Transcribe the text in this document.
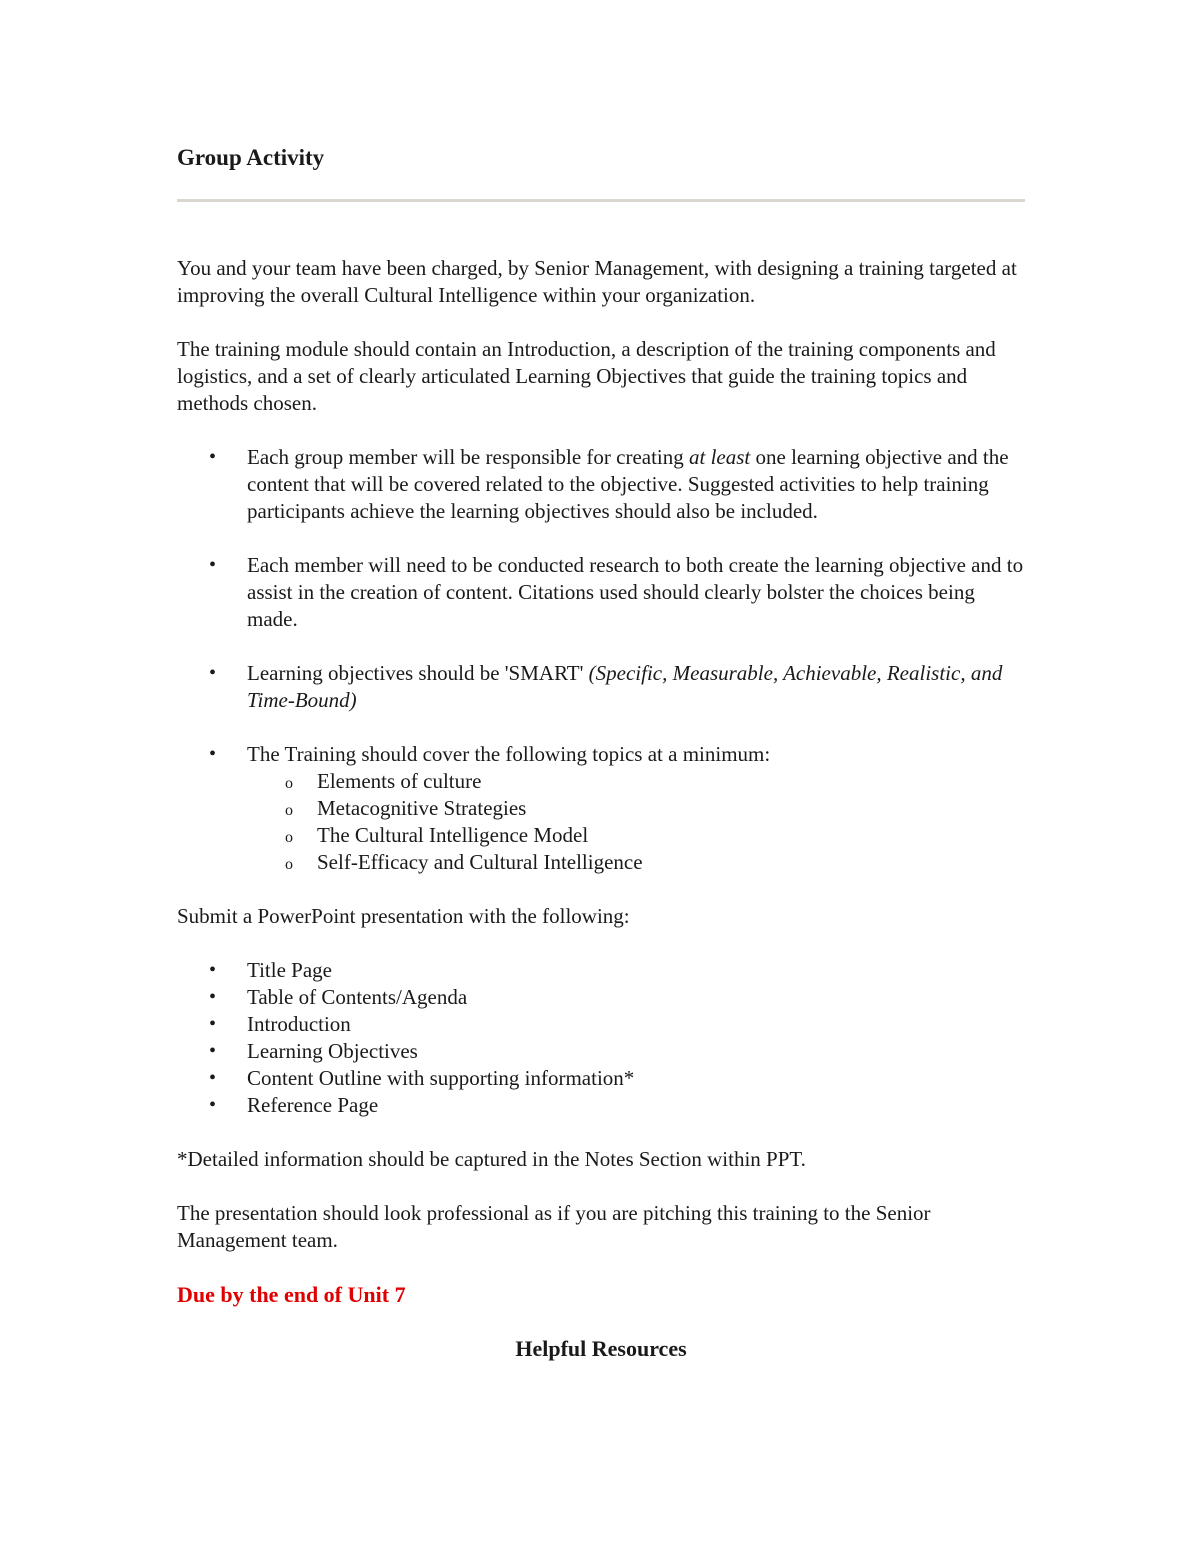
Group Activity

You and your team have been charged, by Senior Management, with designing a training targeted at improving the overall Cultural Intelligence within your organization.

The training module should contain an Introduction, a description of the training components and logistics, and a set of clearly articulated Learning Objectives that guide the training topics and methods chosen.

• Each group member will be responsible for creating at least one learning objective and the content that will be covered related to the objective. Suggested activities to help training participants achieve the learning objectives should also be included.
• Each member will need to be conducted research to both create the learning objective and to assist in the creation of content. Citations used should clearly bolster the choices being made.
• Learning objectives should be 'SMART' (Specific, Measurable, Achievable, Realistic, and Time-Bound)
• The Training should cover the following topics at a minimum:
o Elements of culture
o Metacognitive Strategies
o The Cultural Intelligence Model
o Self-Efficacy and Cultural Intelligence

Submit a PowerPoint presentation with the following:

• Title Page
• Table of Contents/Agenda
• Introduction
• Learning Objectives
• Content Outline with supporting information*
• Reference Page

*Detailed information should be captured in the Notes Section within PPT.

The presentation should look professional as if you are pitching this training to the Senior Management team.

Due by the end of Unit 7

Helpful Resources
